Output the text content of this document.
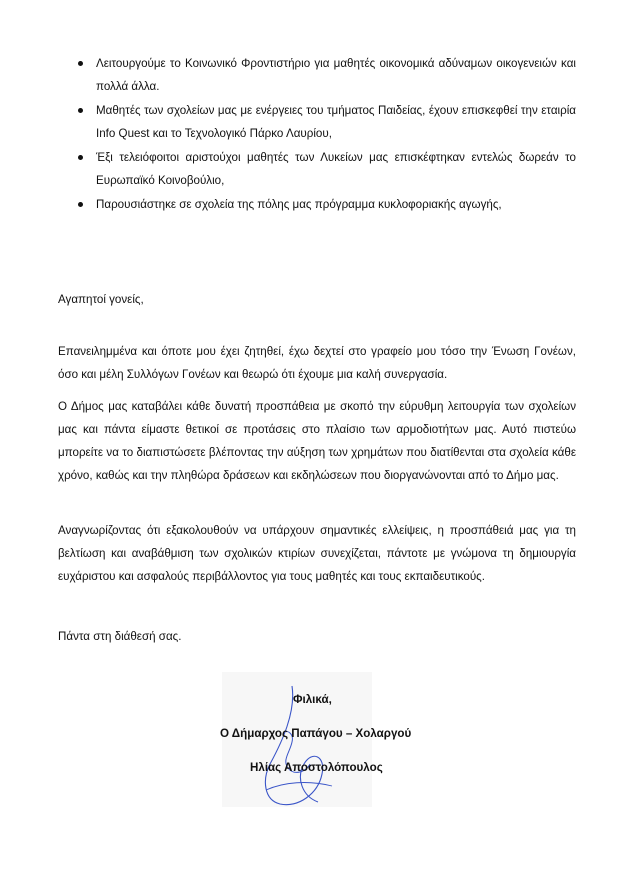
Λειτουργούμε το Κοινωνικό Φροντιστήριο για μαθητές οικονομικά αδύναμων οικογενειών και πολλά άλλα.
Μαθητές των σχολείων μας με ενέργειες του τμήματος Παιδείας, έχουν επισκεφθεί την εταιρία Info Quest και το Τεχνολογικό Πάρκο Λαυρίου,
Έξι τελειόφοιτοι αριστούχοι μαθητές των Λυκείων μας επισκέφτηκαν εντελώς δωρεάν το Ευρωπαϊκό Κοινοβούλιο,
Παρουσιάστηκε σε σχολεία της πόλης μας πρόγραμμα κυκλοφοριακής αγωγής,

Αγαπητοί γονείς,

Επανειλημμένα και όποτε μου έχει ζητηθεί, έχω δεχτεί στο γραφείο μου τόσο την Ένωση Γονέων, όσο και μέλη Συλλόγων Γονέων και θεωρώ ότι έχουμε μια καλή συνεργασία.

Ο Δήμος μας καταβάλει κάθε δυνατή προσπάθεια με σκοπό την εύρυθμη λειτουργία των σχολείων μας και πάντα είμαστε θετικοί σε προτάσεις στο πλαίσιο των αρμοδιοτήτων μας. Αυτό πιστεύω μπορείτε να το διαπιστώσετε βλέποντας την αύξηση των χρημάτων που διατίθενται στα σχολεία κάθε χρόνο, καθώς και την πληθώρα δράσεων και εκδηλώσεων που διοργανώνονται από το Δήμο μας.

Αναγνωρίζοντας ότι εξακολουθούν να υπάρχουν σημαντικές ελλείψεις, η προσπάθειά μας για τη βελτίωση και αναβάθμιση των σχολικών κτιρίων συνεχίζεται, πάντοτε με γνώμονα τη δημιουργία ευχάριστου και ασφαλούς περιβάλλοντος για τους μαθητές και τους εκπαιδευτικούς.

Πάντα στη διάθεσή σας.

Φιλικά,
Ο Δήμαρχος Παπάγου – Χολαργού
Ηλίας Αποστολόπουλος
